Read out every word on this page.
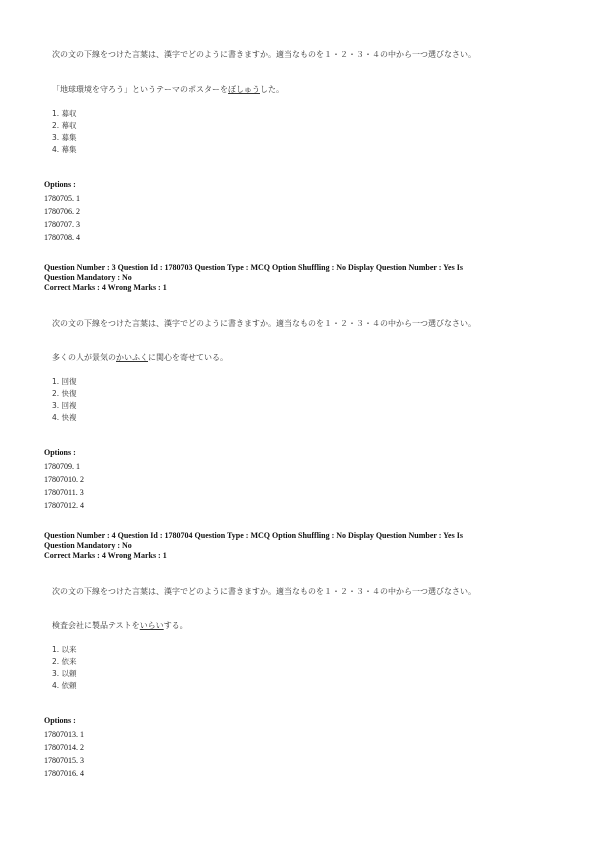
次の文の下線をつけた言葉は、漢字でどのように書きますか。適当なものを１・２・３・４の中から一つ選びなさい。
「地球環境を守ろう」というテーマのポスターをぼしゅうした。
1. 募収
2. 幕収
3. 募集
4. 幕集
Options :
1780705. 1
1780706. 2
1780707. 3
1780708. 4
Question Number : 3 Question Id : 1780703 Question Type : MCQ Option Shuffling : No Display Question Number : Yes Is
Question Mandatory : No
Correct Marks : 4 Wrong Marks : 1
次の文の下線をつけた言葉は、漢字でどのように書きますか。適当なものを１・２・３・４の中から一つ選びなさい。
多くの人が景気のかいふくに関心を寄せている。
1. 回復
2. 快復
3. 回複
4. 快複
Options :
1780709. 1
17807010. 2
17807011. 3
17807012. 4
Question Number : 4 Question Id : 1780704 Question Type : MCQ Option Shuffling : No Display Question Number : Yes Is
Question Mandatory : No
Correct Marks : 4 Wrong Marks : 1
次の文の下線をつけた言葉は、漢字でどのように書きますか。適当なものを１・２・３・４の中から一つ選びなさい。
検査会社に製品テストをいらいする。
1. 以来
2. 依来
3. 以頼
4. 依頼
Options :
17807013. 1
17807014. 2
17807015. 3
17807016. 4
